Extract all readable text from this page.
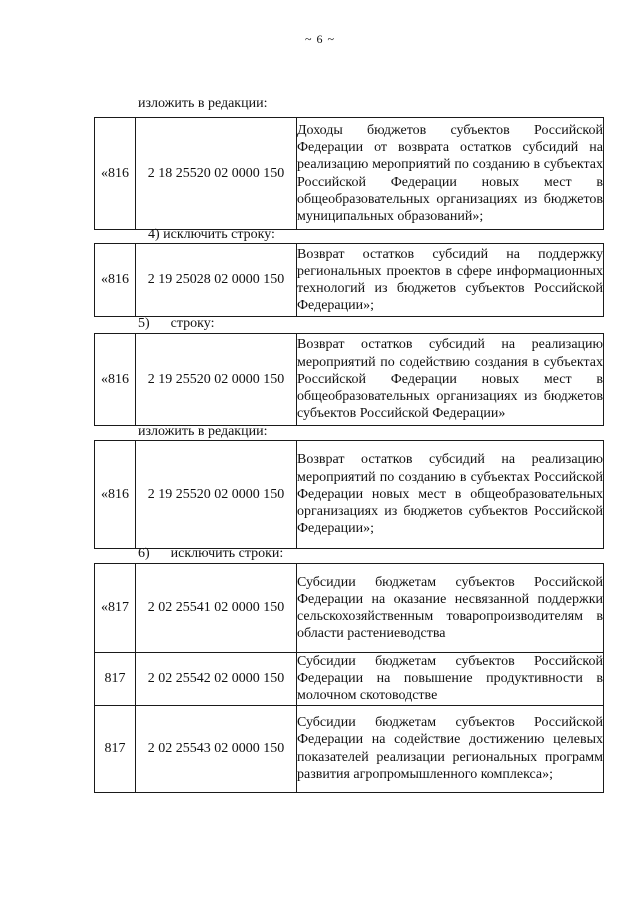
~ 6 ~
изложить в редакции:
«816	2 18 25520 02 0000 150	Доходы бюджетов субъектов Российской Федерации от возврата остатков субсидий на реализацию мероприятий по созданию в субъектах Российской Федерации новых мест в общеобразовательных организациях из бюджетов муниципальных образований»;
4) исключить строку:
«816	2 19 25028 02 0000 150	Возврат остатков субсидий на поддержку региональных проектов в сфере информационных технологий из бюджетов субъектов Российской Федерации»;
5)      строку:
«816	2 19 25520 02 0000 150	Возврат остатков субсидий на реализацию мероприятий по содействию создания в субъектах Российской Федерации новых мест в общеобразовательных организациях из бюджетов субъектов Российской Федерации»
изложить в редакции:
«816	2 19 25520 02 0000 150	Возврат остатков субсидий на реализацию мероприятий по созданию в субъектах Российской Федерации новых мест в общеобразовательных организациях из бюджетов субъектов Российской Федерации»;
6)      исключить строки:
«817	2 02 25541 02 0000 150	Субсидии бюджетам субъектов Российской Федерации на оказание несвязанной поддержки сельскохозяйственным товаропроизводителям в области растениеводства
817	2 02 25542 02 0000 150	Субсидии бюджетам субъектов Российской Федерации на повышение продуктивности в молочном скотоводстве
817	2 02 25543 02 0000 150	Субсидии бюджетам субъектов Российской Федерации на содействие достижению целевых показателей реализации региональных программ развития агропромышленного комплекса»;
